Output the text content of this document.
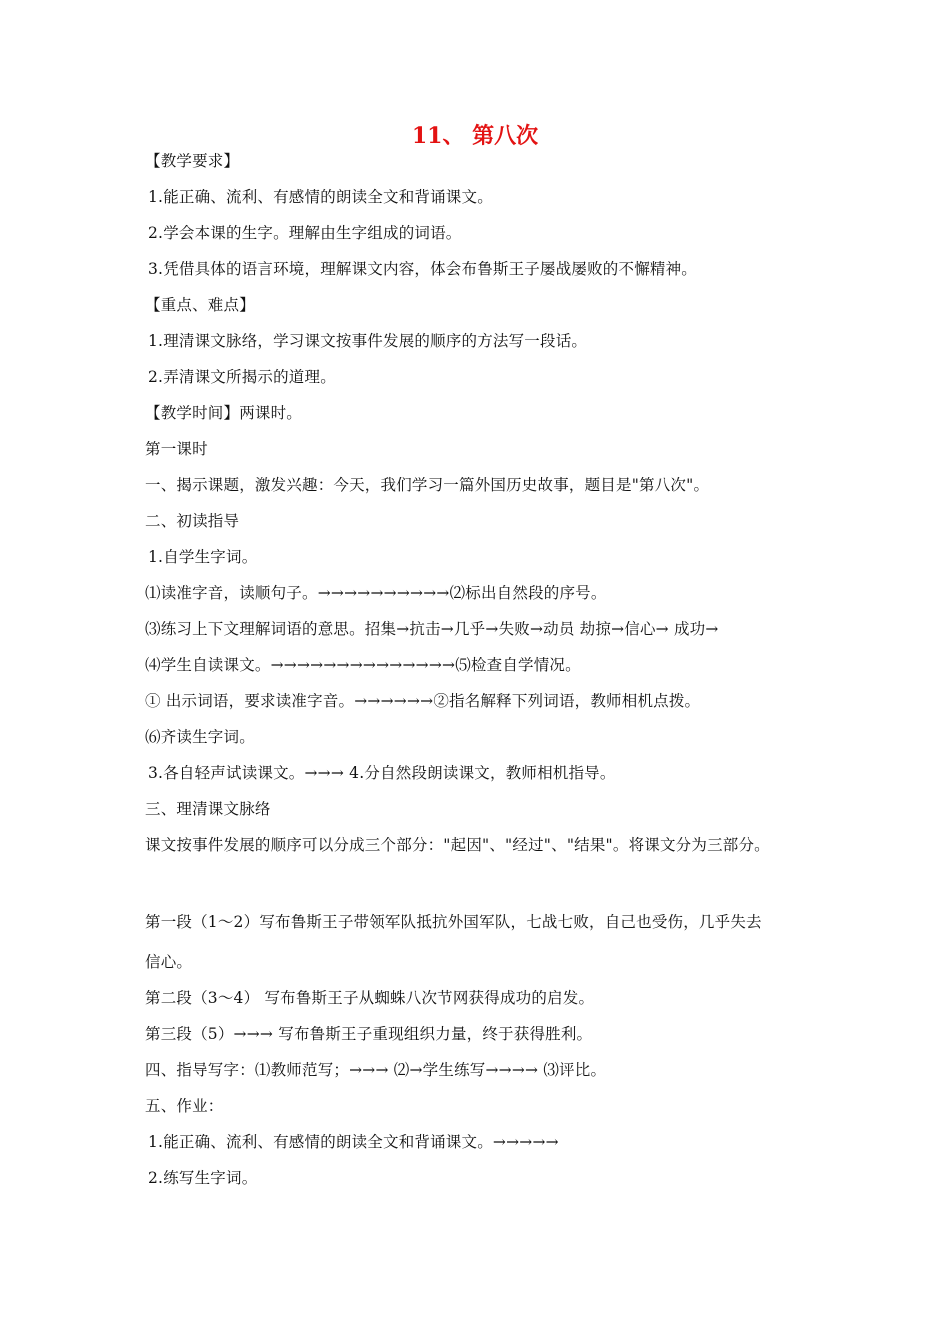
11、 第八次
【教学要求】
1.能正确、流利、有感情的朗读全文和背诵课文。
2.学会本课的生字。理解由生字组成的词语。
3.凭借具体的语言环境，理解课文内容，体会布鲁斯王子屡战屡败的不懈精神。
【重点、难点】
1.理清课文脉络，学习课文按事件发展的顺序的方法写一段话。
2.弄清课文所揭示的道理。
【教学时间】两课时。
第一课时
一、揭示课题，激发兴趣：今天，我们学习一篇外国历史故事，题目是"第八次"。
二、初读指导
1.自学生字词。
⑴读准字音，读顺句子。→→→→→→→→→→⑵标出自然段的序号。
⑶练习上下文理解词语的意思。招集→抗击→几乎→失败→动员 劫掠→信心→ 成功→
⑷学生自读课文。→→→→→→→→→→→→→→⑸检查自学情况。
① 出示词语，要求读准字音。→→→→→→②指名解释下列词语，教师相机点拨。
⑹齐读生字词。
3.各自轻声试读课文。→→→ 4.分自然段朗读课文，教师相机指导。
三、理清课文脉络
课文按事件发展的顺序可以分成三个部分："起因"、"经过"、"结果"。将课文分为三部分。
第一段（1～2）写布鲁斯王子带领军队抵抗外国军队，七战七败，自己也受伤，几乎失去
信心。
第二段（3～4） 写布鲁斯王子从蜘蛛八次节网获得成功的启发。
第三段（5）→→→ 写布鲁斯王子重现组织力量，终于获得胜利。
四、指导写字：⑴教师范写；→→→ ⑵→学生练写→→→→ ⑶评比。
五、作业：
1.能正确、流利、有感情的朗读全文和背诵课文。→→→→→
2.练写生字词。
